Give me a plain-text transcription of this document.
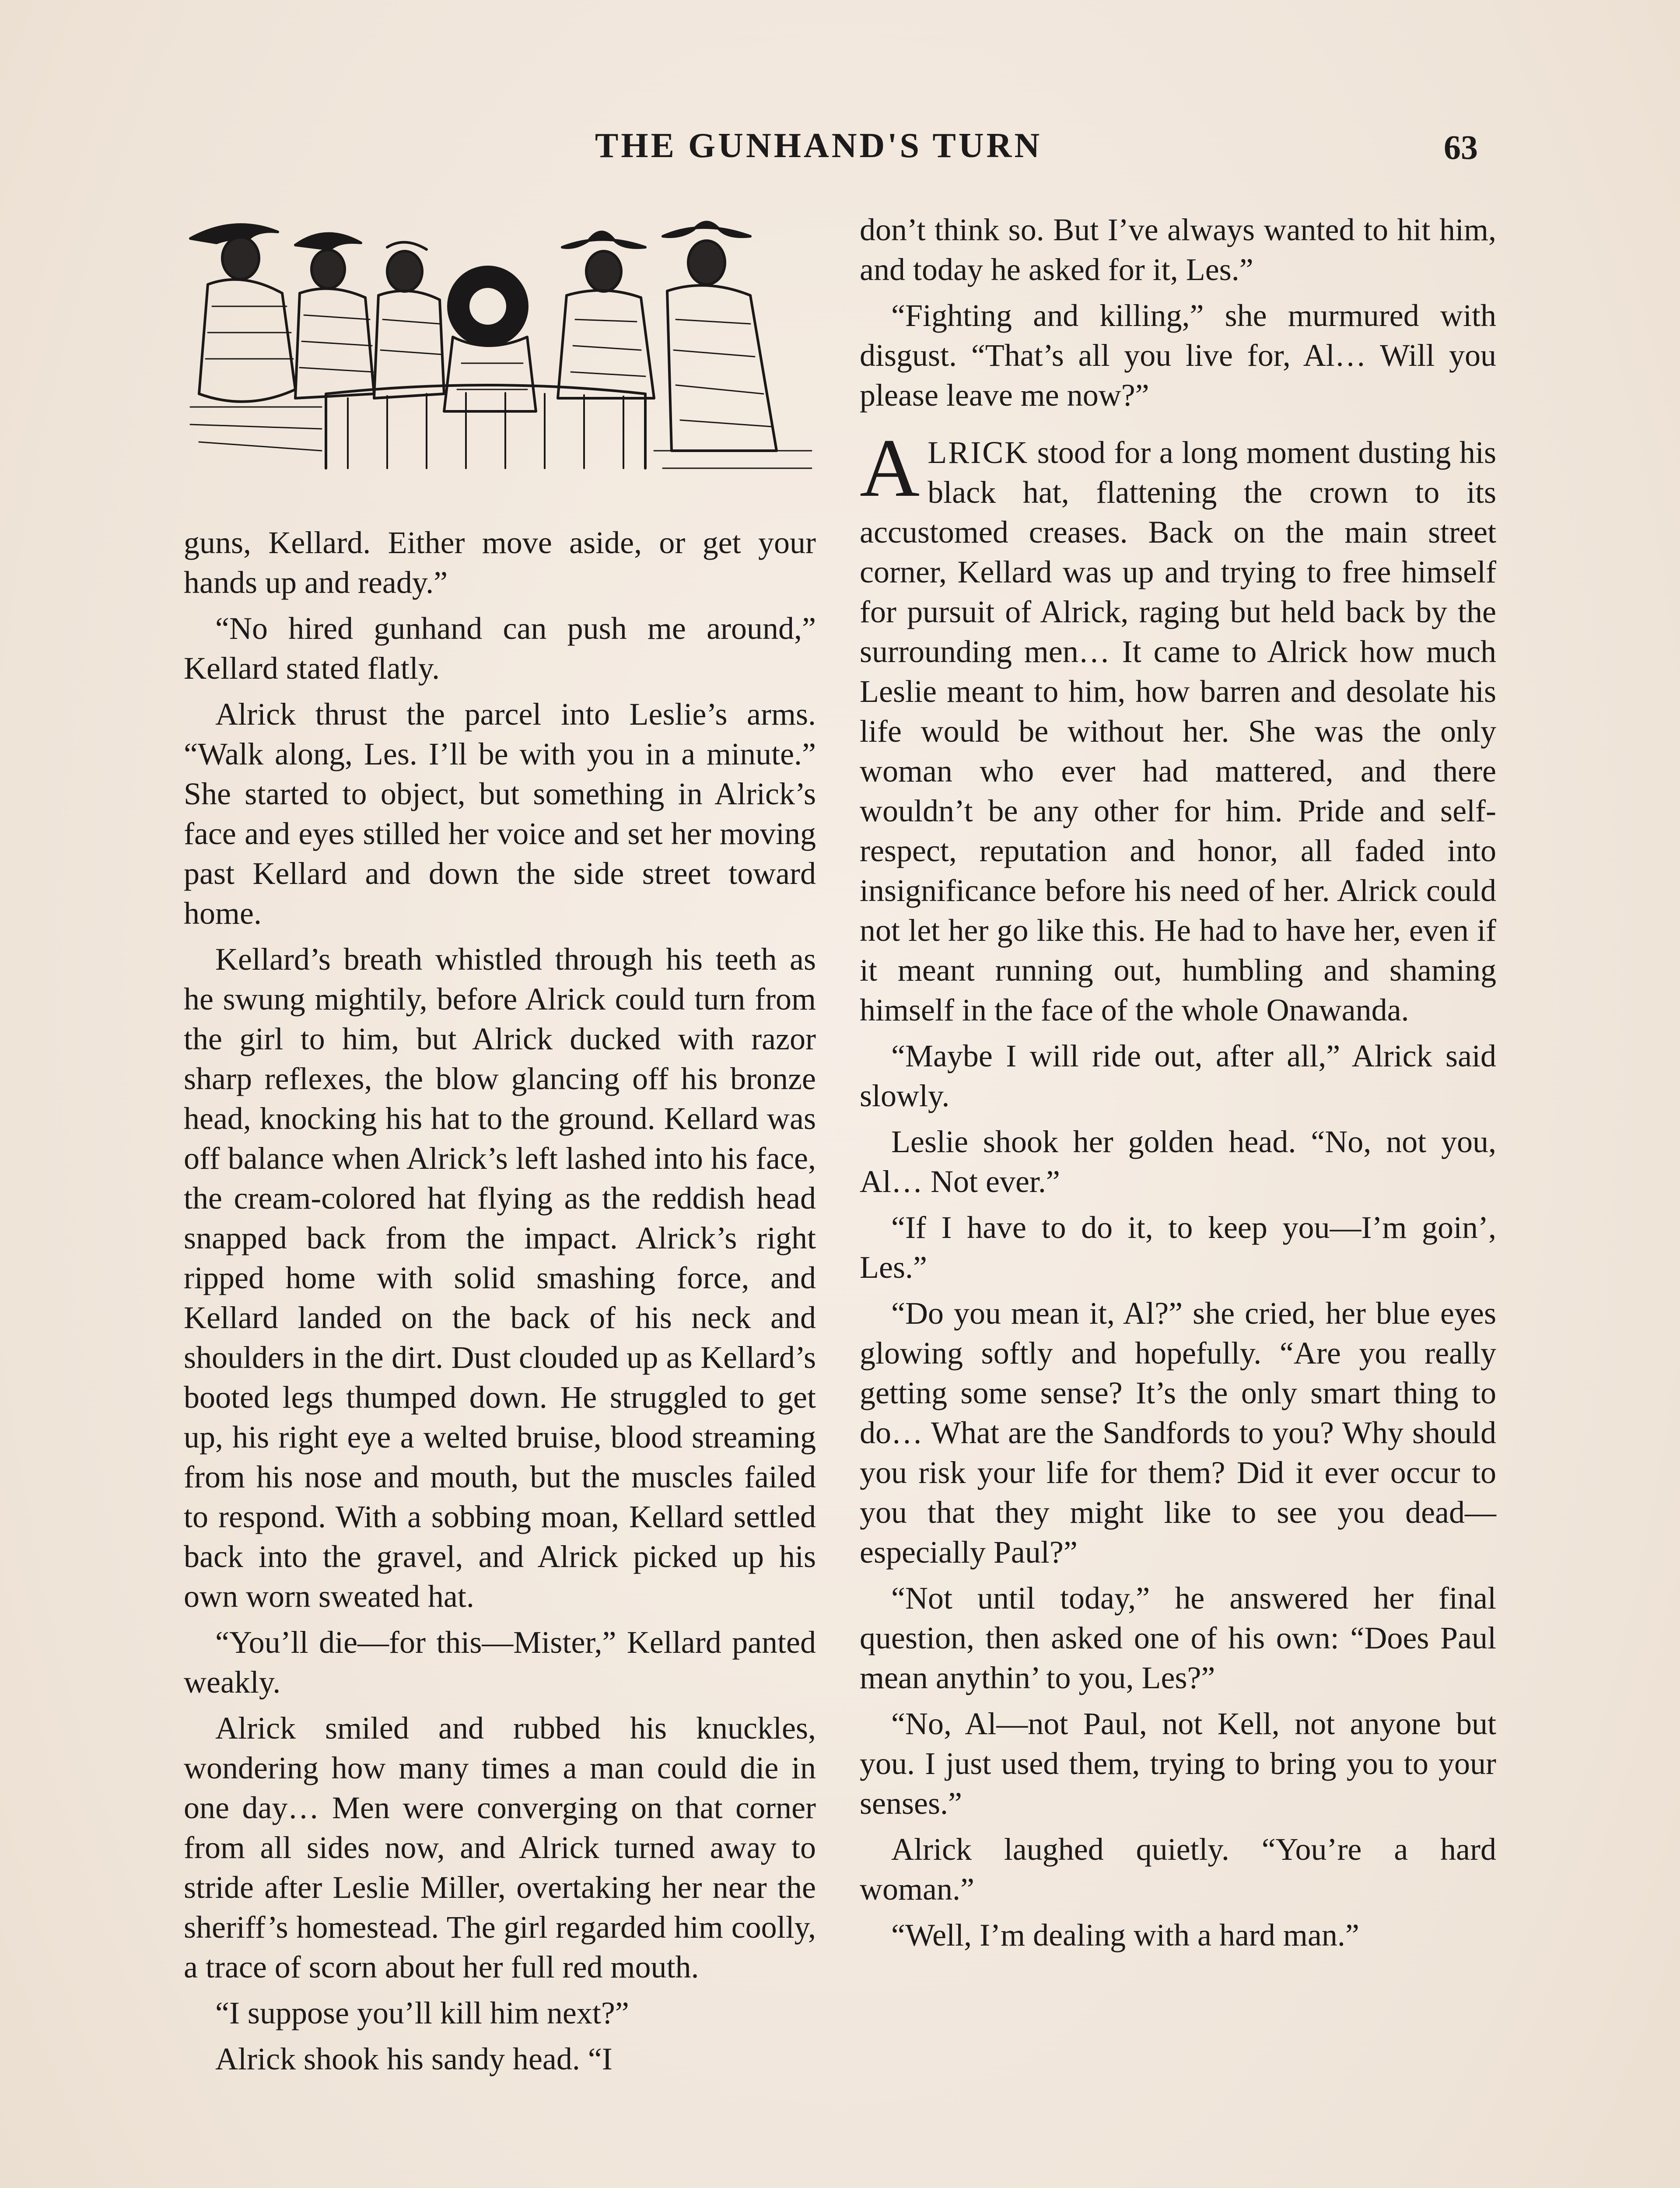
THE GUNHAND'S TURN	63

guns, Kellard. Either move aside, or get your hands up and ready.”

“No hired gunhand can push me around,” Kellard stated flatly.

Alrick thrust the parcel into Leslie’s arms. “Walk along, Les. I’ll be with you in a minute.” She started to object, but something in Alrick’s face and eyes stilled her voice and set her moving past Kellard and down the side street toward home.

Kellard’s breath whistled through his teeth as he swung mightily, before Alrick could turn from the girl to him, but Alrick ducked with razor sharp reflexes, the blow glancing off his bronze head, knocking his hat to the ground. Kellard was off balance when Alrick’s left lashed into his face, the cream-colored hat flying as the reddish head snapped back from the impact. Alrick’s right ripped home with solid smashing force, and Kellard landed on the back of his neck and shoulders in the dirt. Dust clouded up as Kellard’s booted legs thumped down. He struggled to get up, his right eye a welted bruise, blood streaming from his nose and mouth, but the muscles failed to respond. With a sobbing moan, Kellard settled back into the gravel, and Alrick picked up his own worn sweated hat.

“You’ll die—for this—Mister,” Kellard panted weakly.

Alrick smiled and rubbed his knuckles, wondering how many times a man could die in one day… Men were converging on that corner from all sides now, and Alrick turned away to stride after Leslie Miller, overtaking her near the sheriff’s homestead. The girl regarded him coolly, a trace of scorn about her full red mouth.

“I suppose you’ll kill him next?”

Alrick shook his sandy head. “I

don’t think so. But I’ve always wanted to hit him, and today he asked for it, Les.”

“Fighting and killing,” she murmured with disgust. “That’s all you live for, Al… Will you please leave me now?”

ALRICK stood for a long moment dusting his black hat, flattening the crown to its accustomed creases. Back on the main street corner, Kellard was up and trying to free himself for pursuit of Alrick, raging but held back by the surrounding men… It came to Alrick how much Leslie meant to him, how barren and desolate his life would be without her. She was the only woman who ever had mattered, and there wouldn’t be any other for him. Pride and self-respect, reputation and honor, all faded into insignificance before his need of her. Alrick could not let her go like this. He had to have her, even if it meant running out, humbling and shaming himself in the face of the whole Onawanda.

“Maybe I will ride out, after all,” Alrick said slowly.

Leslie shook her golden head. “No, not you, Al… Not ever.”

“If I have to do it, to keep you—I’m goin’, Les.”

“Do you mean it, Al?” she cried, her blue eyes glowing softly and hopefully. “Are you really getting some sense? It’s the only smart thing to do… What are the Sandfords to you? Why should you risk your life for them? Did it ever occur to you that they might like to see you dead—especially Paul?”

“Not until today,” he answered her final question, then asked one of his own: “Does Paul mean anythin’ to you, Les?”

“No, Al—not Paul, not Kell, not anyone but you. I just used them, trying to bring you to your senses.”

Alrick laughed quietly. “You’re a hard woman.”

“Well, I’m dealing with a hard man.”
